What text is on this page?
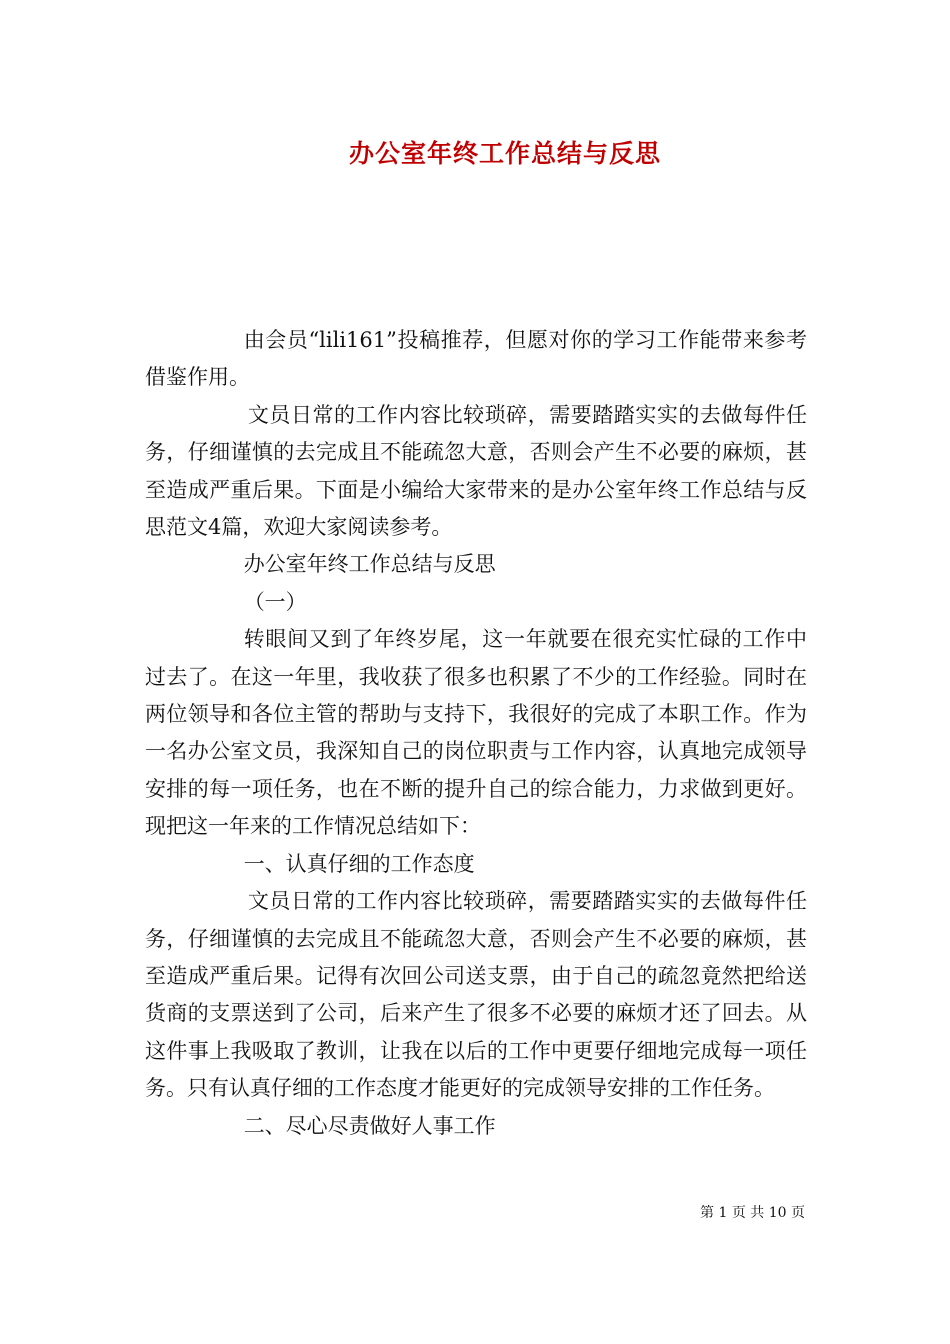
办公室年终工作总结与反思

由会员“lili161”投稿推荐，但愿对你的学习工作能带来参考借鉴作用。

文员日常的工作内容比较琐碎，需要踏踏实实的去做每件任务，仔细谨慎的去完成且不能疏忽大意，否则会产生不必要的麻烦，甚至造成严重后果。下面是小编给大家带来的是办公室年终工作总结与反思范文4篇，欢迎大家阅读参考。

办公室年终工作总结与反思

（一）

转眼间又到了年终岁尾，这一年就要在很充实忙碌的工作中过去了。在这一年里，我收获了很多也积累了不少的工作经验。同时在两位领导和各位主管的帮助与支持下，我很好的完成了本职工作。作为一名办公室文员，我深知自己的岗位职责与工作内容，认真地完成领导安排的每一项任务，也在不断的提升自己的综合能力，力求做到更好。现把这一年来的工作情况总结如下：

一、认真仔细的工作态度

文员日常的工作内容比较琐碎，需要踏踏实实的去做每件任务，仔细谨慎的去完成且不能疏忽大意，否则会产生不必要的麻烦，甚至造成严重后果。记得有次回公司送支票，由于自己的疏忽竟然把给送货商的支票送到了公司，后来产生了很多不必要的麻烦才还了回去。从这件事上我吸取了教训，让我在以后的工作中更要仔细地完成每一项任务。只有认真仔细的工作态度才能更好的完成领导安排的工作任务。

二、尽心尽责做好人事工作

第 1 页 共 10 页
